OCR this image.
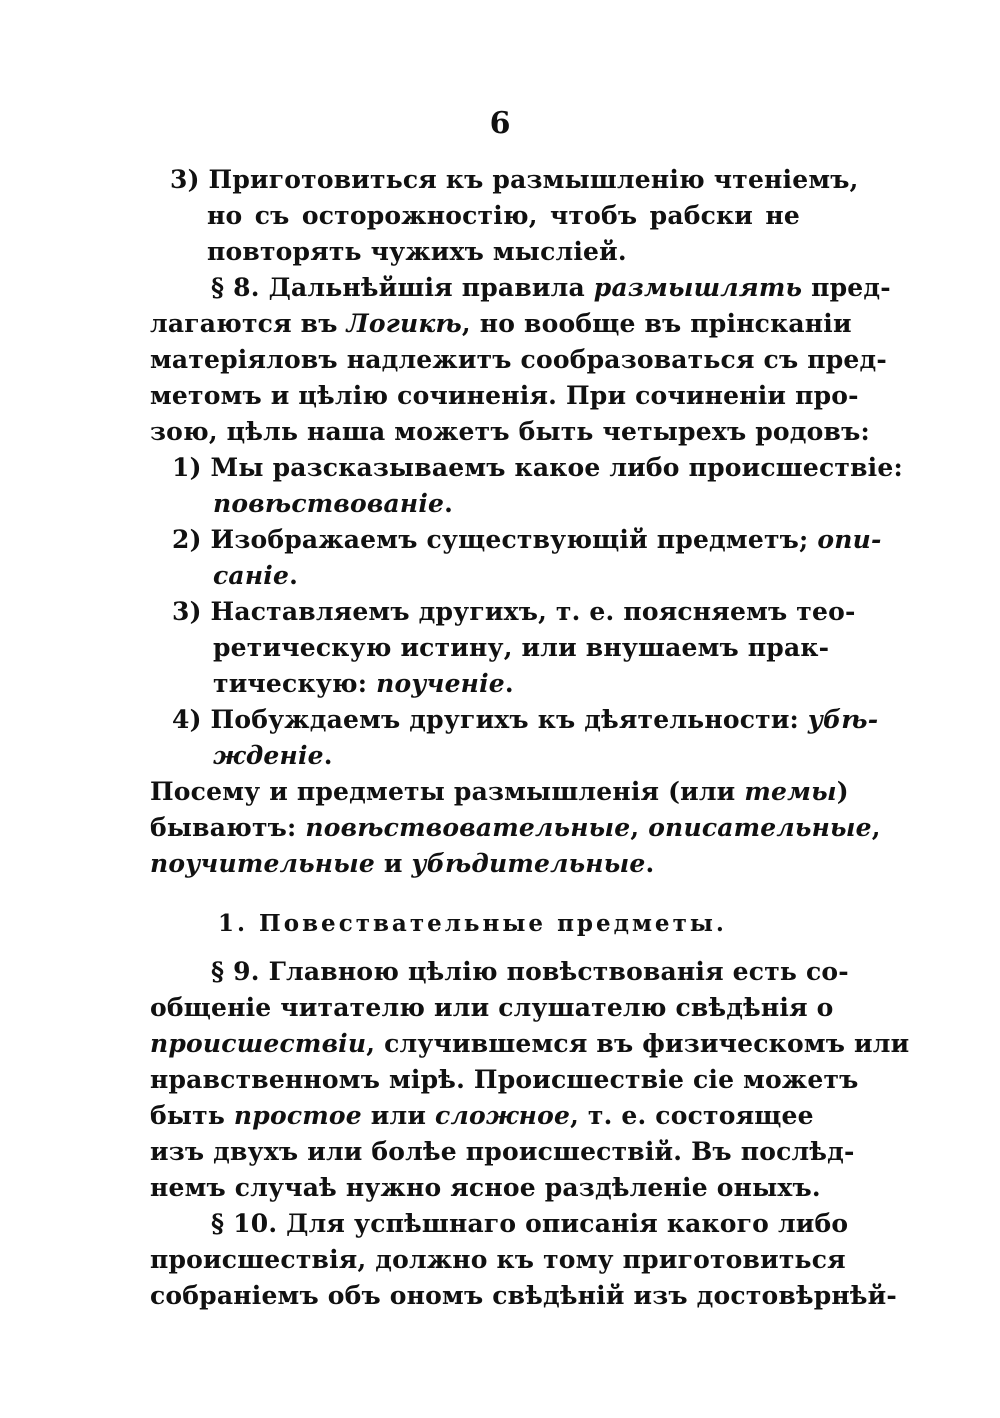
6
3) Приготовиться къ размышленію чтеніемъ,
но съ осторожностію, чтобъ рабски не
повторять чужихъ мысліей.
§ 8. Дальнѣйшія правила размышлять пред-
лагаются въ Логикѣ, но вообще въ прінсканіи
матеріяловъ надлежитъ сообразоваться съ пред-
метомъ и цѣлію сочиненія. При сочиненіи про-
зою, цѣль наша можетъ быть четырехъ родовъ:
1) Мы разсказываемъ какое либо происшествіе:
повѣствованіе.
2) Изображаемъ существующій предметъ; опи-
саніе.
3) Наставляемъ другихъ, т. е. поясняемъ тео-
ретическую истину, или внушаемъ прак-
тическую: поученіе.
4) Побуждаемъ другихъ къ дѣятельности: убѣ-
жденіе.
Посему и предметы размышленія (или темы)
бываютъ: повѣствовательные, описательные,
поучительные и убѣдительные.
1. Повествательные предметы.
§ 9. Главною цѣлію повѣствованія есть со-
общеніе читателю или слушателю свѣдѣнія о
происшествіи, случившемся въ физическомъ или
нравственномъ мірѣ. Происшествіе сіе можетъ
быть простое или сложное, т. е. состоящее
изъ двухъ или болѣе происшествій. Въ послѣд-
немъ случаѣ нужно ясное раздѣленіе оныхъ.
§ 10. Для успѣшнаго описанія какого либо
происшествія, должно къ тому приготовиться
собраніемъ объ ономъ свѣдѣній изъ достовѣрнѣй-
